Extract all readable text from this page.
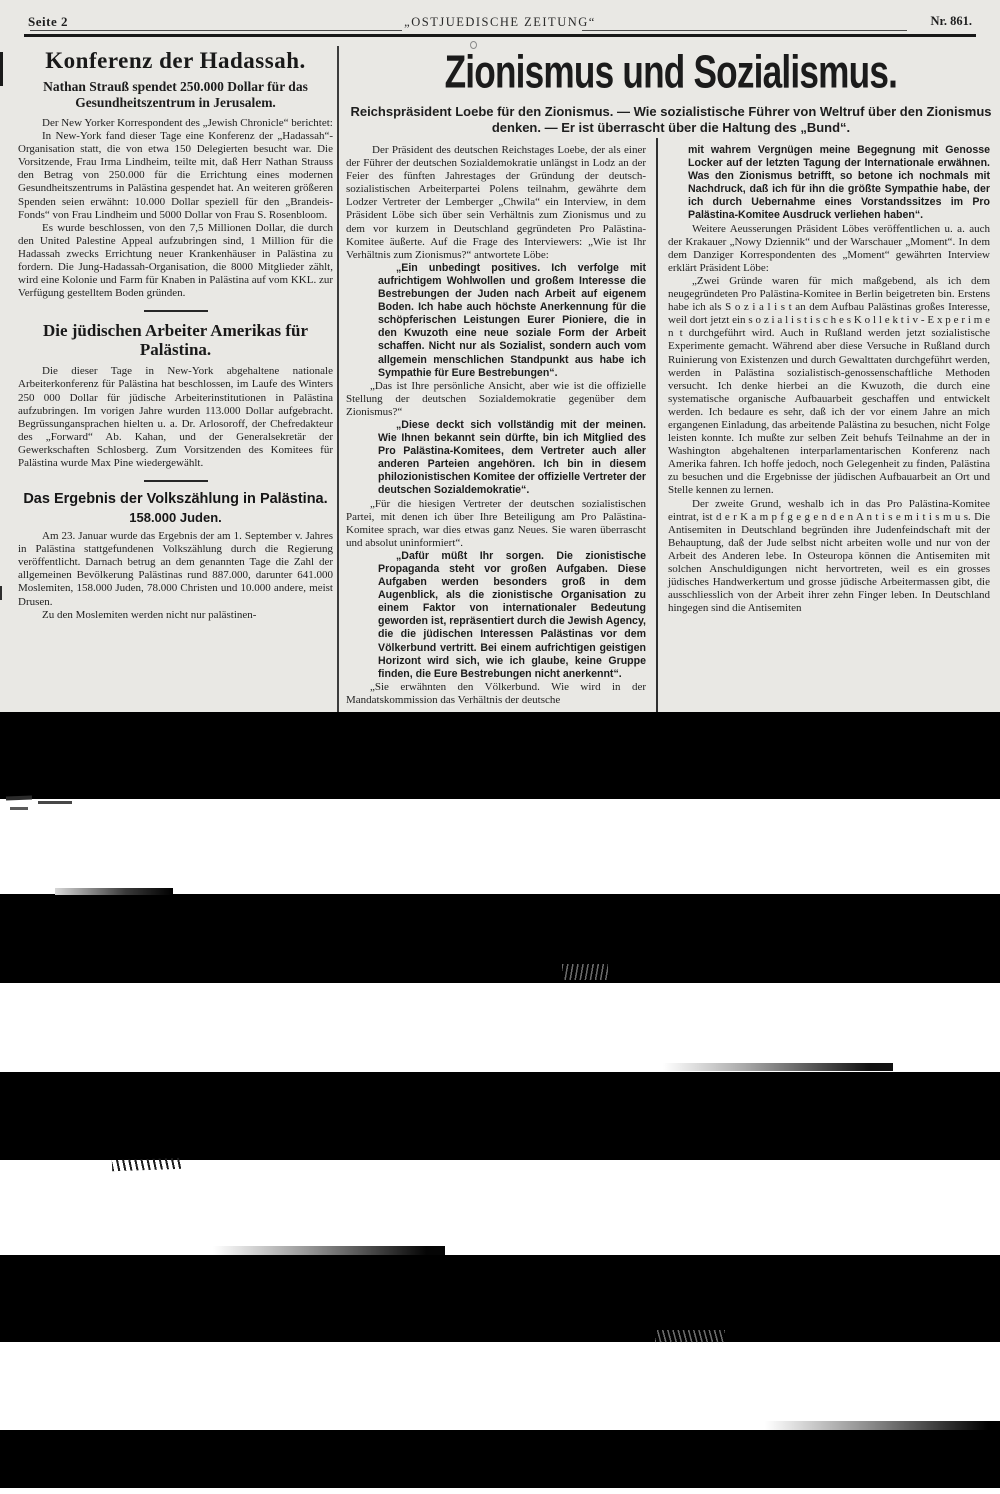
Seite 2	„OSTJUEDISCHE ZEITUNG“	Nr. 861.
Konferenz der Hadassah.
Nathan Strauß spendet 250.000 Dollar für das Gesundheitszentrum in Jerusalem.

Der New Yorker Korrespondent des „Jewish Chronicle“ berichtet:

In New-York fand dieser Tage eine Konferenz der „Hadassah“-Organisation statt, die von etwa 150 Delegierten besucht war. Die Vorsitzende, Frau Irma Lindheim, teilte mit, daß Herr Nathan Strauss den Betrag von 250.000 für die Errichtung eines modernen Gesundheitszentrums in Palästina gespendet hat. An weiteren größeren Spenden seien erwähnt: 10.000 Dollar speziell für den „Brandeis-Fonds“ von Frau Lindheim und 5000 Dollar von Frau S. Rosenbloom.

Es wurde beschlossen, von den 7,5 Millionen Dollar, die durch den United Palestine Appeal aufzubringen sind, 1 Million für die Hadassah zwecks Errichtung neuer Krankenhäuser in Palästina zu fordern. Die Jung-Hadassah-Organisation, die 8000 Mitglieder zählt, wird eine Kolonie und Farm für Knaben in Palästina auf vom KKL. zur Verfügung gestelltem Boden gründen.

Die jüdischen Arbeiter Amerikas für Palästina.

Die dieser Tage in New-York abgehaltene nationale Arbeiterkonferenz für Palästina hat beschlossen, im Laufe des Winters 250 000 Dollar für jüdische Arbeiterinstitutionen in Palästina aufzubringen. Im vorigen Jahre wurden 113.000 Dollar aufgebracht. Begrüssungansprachen hielten u. a. Dr. Arlosoroff, der Chefredakteur des „Forward“ Ab. Kahan, und der Generalsekretär der Gewerkschaften Schlosberg. Zum Vorsitzenden des Komitees für Palästina wurde Max Pine wiedergewählt.

Das Ergebnis der Volkszählung in Palästina.
158.000 Juden.

Am 23. Januar wurde das Ergebnis der am 1. September v. Jahres in Palästina stattgefundenen Volkszählung durch die Regierung veröffentlicht. Darnach betrug an dem genannten Tage die Zahl der allgemeinen Bevölkerung Palästinas rund 887.000, darunter 641.000 Moslemiten, 158.000 Juden, 78.000 Christen und 10.000 andere, meist Drusen.

Zu den Moslemiten werden nicht nur palästinen-

Zionismus und Sozialismus.
Reichspräsident Loebe für den Zionismus. — Wie sozialistische Führer von Weltruf über den Zionismus denken. — Er ist überrascht über die Haltung des „Bund“.

Der Präsident des deutschen Reichstages Loebe, der als einer der Führer der deutschen Sozialdemokratie unlängst in Lodz an der Feier des fünften Jahrestages der Gründung der deutsch-sozialistischen Arbeiterpartei Polens teilnahm, gewährte dem Lodzer Vertreter der Lemberger „Chwila“ ein Interview, in dem Präsident Löbe sich über sein Verhältnis zum Zionismus und zu dem vor kurzem in Deutschland gegründeten Pro Palästina-Komitee äußerte. Auf die Frage des Interviewers: „Wie ist Ihr Verhältnis zum Zionismus?“ antwortete Löbe:

„Ein unbedingt positives. Ich verfolge mit aufrichtigem Wohlwollen und großem Interesse die Bestrebungen der Juden nach Arbeit auf eigenem Boden. Ich habe auch höchste Anerkennung für die schöpferischen Leistungen Eurer Pioniere, die in den Kwuzoth eine neue soziale Form der Arbeit schaffen. Nicht nur als Sozialist, sondern auch vom allgemein menschlichen Standpunkt aus habe ich Sympathie für Eure Bestrebungen“.

„Das ist Ihre persönliche Ansicht, aber wie ist die offizielle Stellung der deutschen Sozialdemokratie gegenüber dem Zionismus?“

„Diese deckt sich vollständig mit der meinen. Wie Ihnen bekannt sein dürfte, bin ich Mitglied des Pro Palästina-Komitees, dem Vertreter auch aller anderen Parteien angehören. Ich bin in diesem philozionistischen Komitee der offizielle Vertreter der deutschen Sozialdemokratie“.

„Für die hiesigen Vertreter der deutschen sozialistischen Partei, mit denen ich über Ihre Beteiligung am Pro Palästina-Komitee sprach, war dies etwas ganz Neues. Sie waren überrascht und absolut uninformiert“.

„Dafür müßt Ihr sorgen. Die zionistische Propaganda steht vor großen Aufgaben. Diese Aufgaben werden besonders groß in dem Augenblick, als die zionistische Organisation zu einem Faktor von internationaler Bedeutung geworden ist, repräsentiert durch die Jewish Agency, die die jüdischen Interessen Palästinas vor dem Völkerbund vertritt. Bei einem aufrichtigen geistigen Horizont wird sich, wie ich glaube, keine Gruppe finden, die Eure Bestrebungen nicht anerkennt“.

„Sie erwähnten den Völkerbund. Wie wird in der Mandatskommission das Verhältnis der deutsche

mit wahrem Vergnügen meine Begegnung mit Genosse Locker auf der letzten Tagung der Internationale erwähnen. Was den Zionismus betrifft, so betone ich nochmals mit Nachdruck, daß ich für ihn die größte Sympathie habe, der ich durch Uebernahme eines Vorstandssitzes im Pro Palästina-Komitee Ausdruck verliehen haben“.

Weitere Aeusserungen Präsident Löbes veröffentlichen u. a. auch der Krakauer „Nowy Dziennik“ und der Warschauer „Moment“. In dem dem Danziger Korrespondenten des „Moment“ gewährten Interview erklärt Präsident Löbe:

„Zwei Gründe waren für mich maßgebend, als ich dem neugegründeten Pro Palästina-Komitee in Berlin beigetreten bin. Erstens habe ich als S o z i a l i s t an dem Aufbau Palästinas großes Interesse, weil dort jetzt ein s o z i a l i s t i s c h e s K o l l e k t i v - E x p e r i m e n t durchgeführt wird. Auch in Rußland werden jetzt sozialistische Experimente gemacht. Während aber diese Versuche in Rußland durch Ruinierung von Existenzen und durch Gewalttaten durchgeführt werden, werden in Palästina sozialistisch-genossenschaftliche Methoden versucht. Ich denke hierbei an die Kwuzoth, die durch eine systematische organische Aufbauarbeit geschaffen und entwickelt werden. Ich bedaure es sehr, daß ich der vor einem Jahre an mich ergangenen Einladung, das arbeitende Palästina zu besuchen, nicht Folge leisten konnte. Ich mußte zur selben Zeit behufs Teilnahme an der in Washington abgehaltenen interparlamentarischen Konferenz nach Amerika fahren. Ich hoffe jedoch, noch Gelegenheit zu finden, Palästina zu besuchen und die Ergebnisse der jüdischen Aufbauarbeit an Ort und Stelle kennen zu lernen.

Der zweite Grund, weshalb ich in das Pro Palästina-Komitee eintrat, ist d e r K a m p f g e g e n d e n A n t i s e m i t i s m u s. Die Antisemiten in Deutschland begründen ihre Judenfeindschaft mit der Behauptung, daß der Jude selbst nicht arbeiten wolle und nur von der Arbeit des Anderen lebe. In Osteuropa können die Antisemiten mit solchen Anschuldigungen nicht hervortreten, weil es ein grosses jüdisches Handwerkertum und grosse jüdische Arbeitermassen gibt, die ausschliesslich von der Arbeit ihrer zehn Finger leben. In Deutschland hingegen sind die Antisemiten
